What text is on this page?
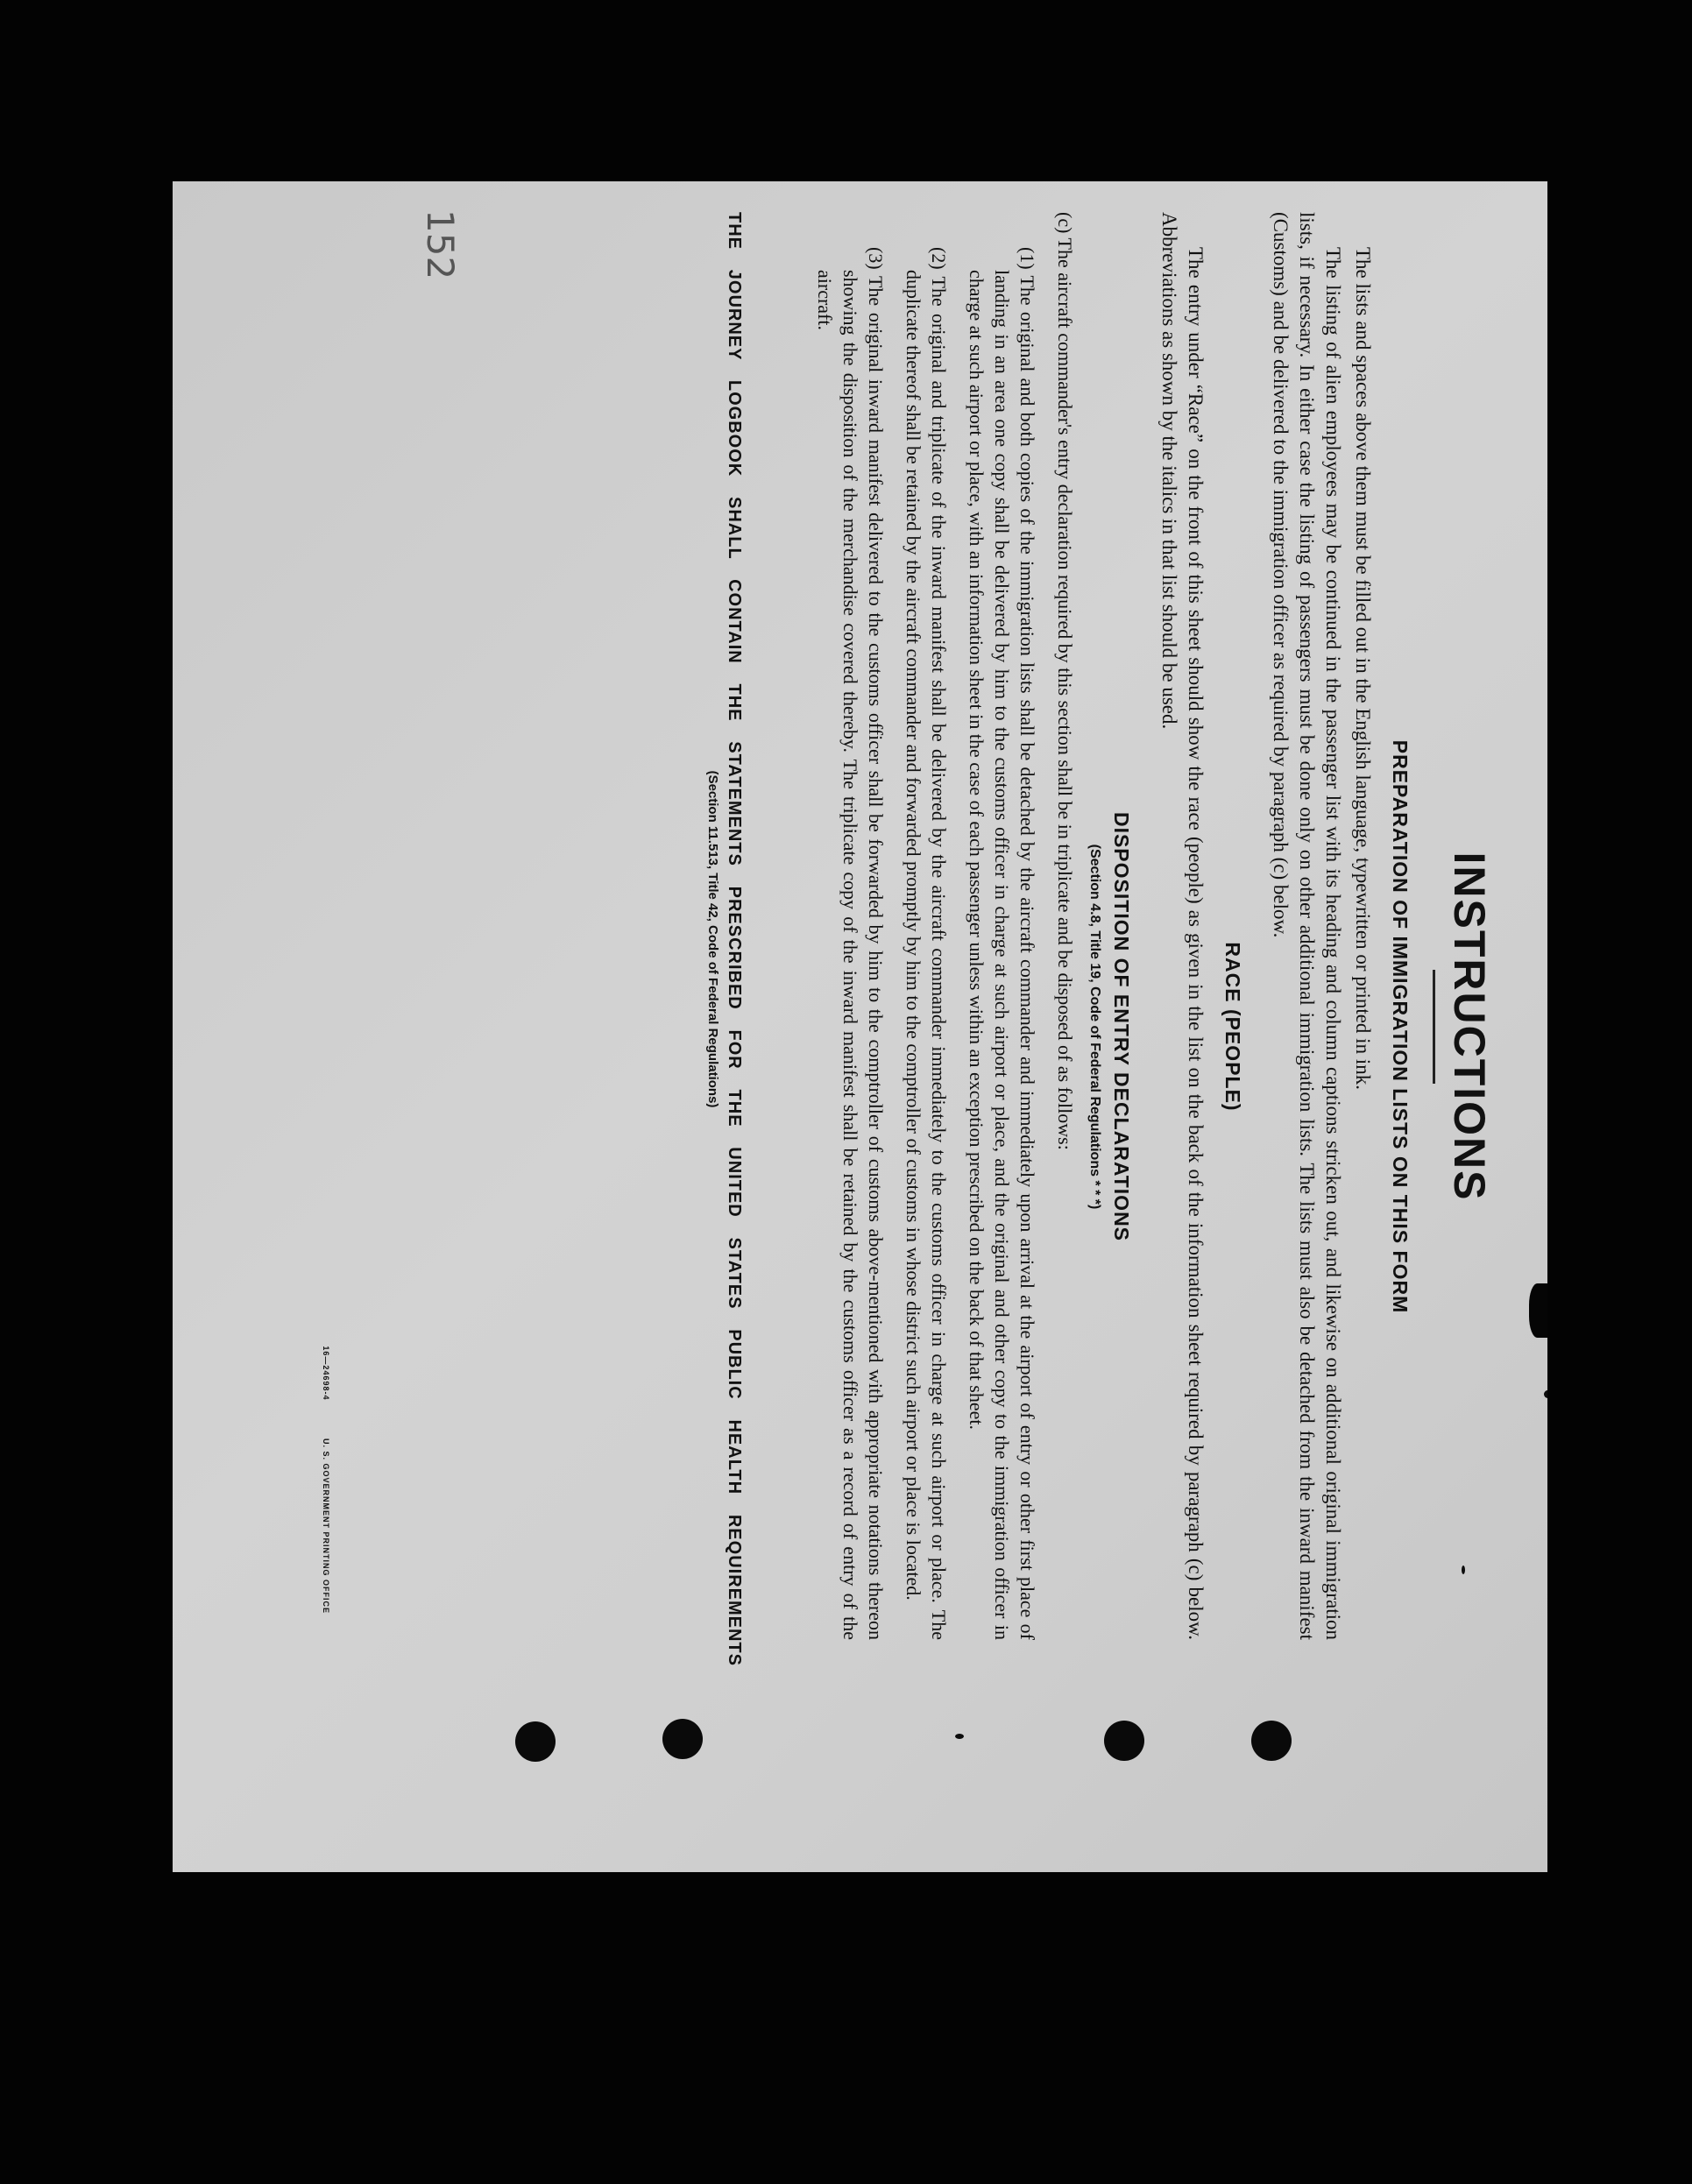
152
INSTRUCTIONS
PREPARATION OF IMMIGRATION LISTS ON THIS FORM

The lists and spaces above them must be filled out in the English language, typewritten or printed in ink.

The listing of alien employees may be continued in the passenger list with its heading and column captions stricken out, and likewise on additional original immigration lists, if necessary. In either case the listing of passengers must be done only on other additional immigration lists. The lists must also be detached from the inward manifest (Customs) and be delivered to the immigration officer as required by paragraph (c) below.

RACE (PEOPLE)

The entry under “Race” on the front of this sheet should show the race (people) as given in the list on the back of the information sheet required by paragraph (c) below. Abbreviations as shown by the italics in that list should be used.

DISPOSITION OF ENTRY DECLARATIONS
(Section 4.8, Title 19, Code of Federal Regulations * * *)

(c) The aircraft commander's entry declaration required by this section shall be in triplicate and be disposed of as follows:

(1) The original and both copies of the immigration lists shall be detached by the aircraft commander and immediately upon arrival at the airport of entry or other first place of landing in an area one copy shall be delivered by him to the customs officer in charge at such airport or place, and the original and other copy to the immigration officer in charge at such airport or place, with an information sheet in the case of each passenger unless within an exception prescribed on the back of that sheet.

(2) The original and triplicate of the inward manifest shall be delivered by the aircraft commander immediately to the customs officer in charge at such airport or place. The duplicate thereof shall be retained by the aircraft commander and forwarded promptly by him to the comptroller of customs in whose district such airport or place is located.

(3) The original inward manifest delivered to the customs officer shall be forwarded by him to the comptroller of customs above-mentioned with appropriate notations thereon showing the disposition of the merchandise covered thereby. The triplicate copy of the inward manifest shall be retained by the customs officer as a record of entry of the aircraft.

16—24698-4 U. S. GOVERNMENT PRINTING OFFICE	THE JOURNEY LOGBOOK SHALL CONTAIN THE STATEMENTS PRESCRIBED FOR THE UNITED STATES PUBLIC HEALTH REQUIREMENTS
(Section 11.513, Title 42, Code of Federal Regulations)
